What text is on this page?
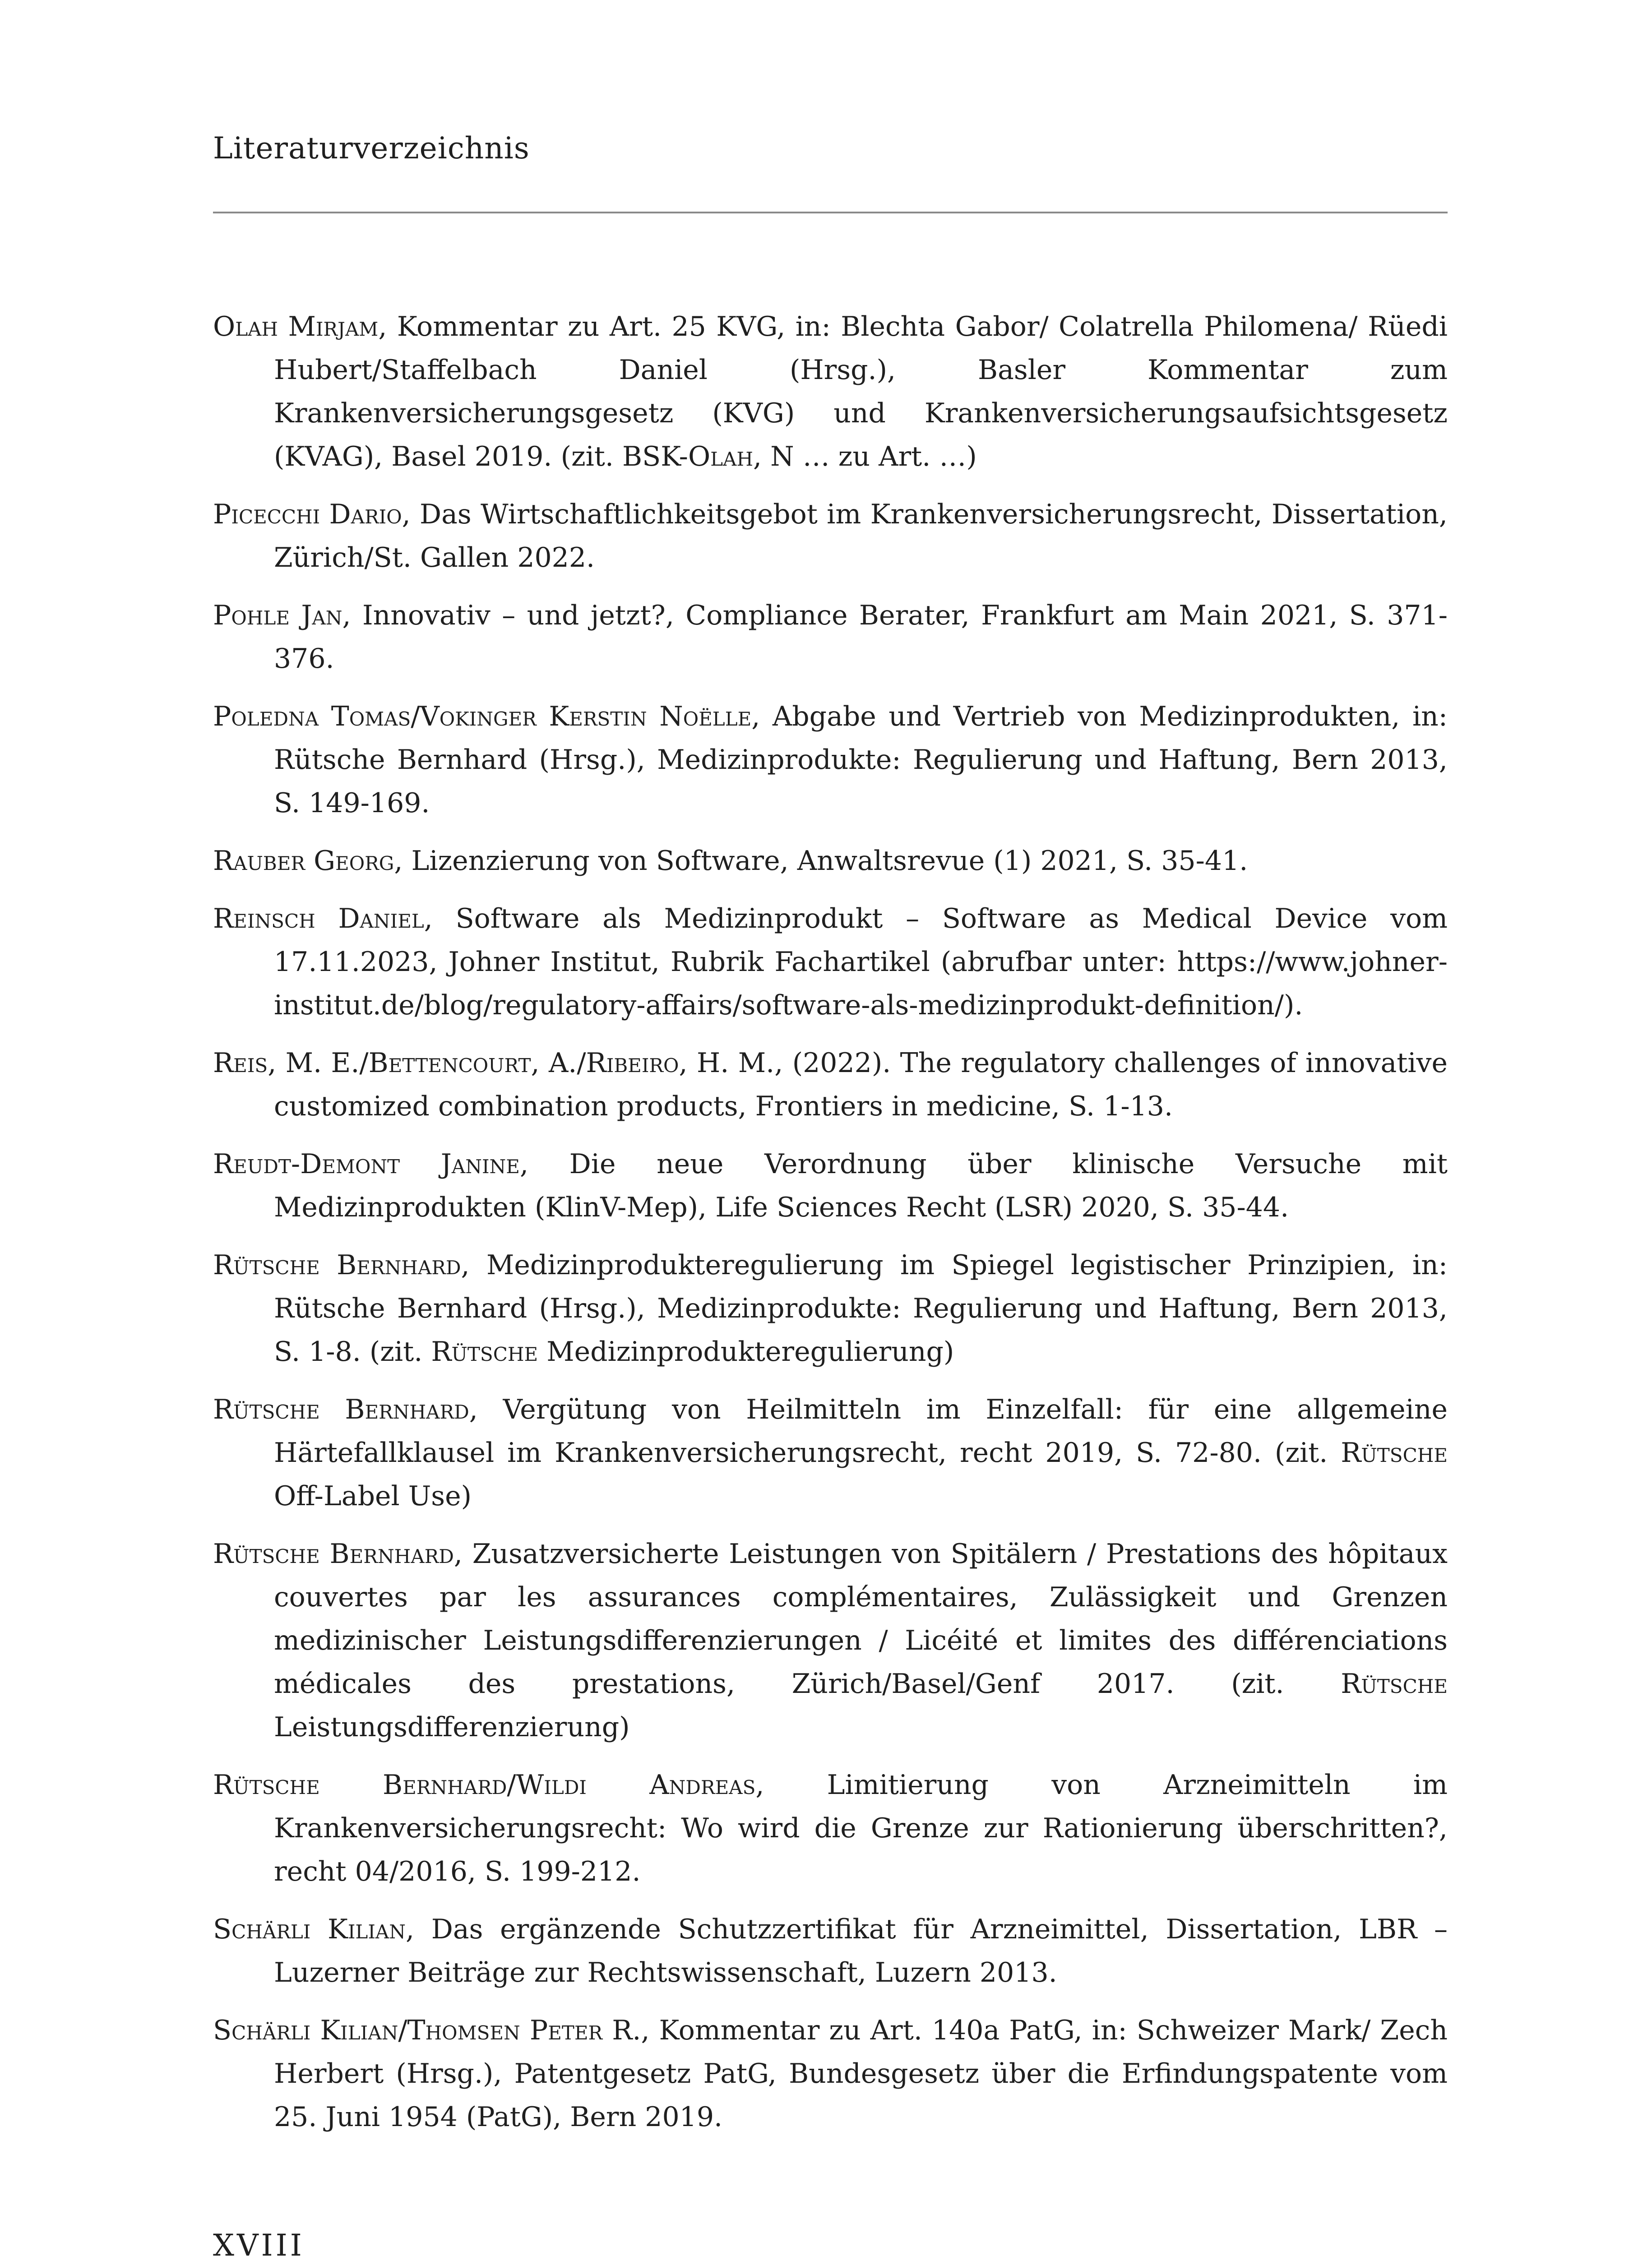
Literaturverzeichnis

Olah Mirjam, Kommentar zu Art. 25 KVG, in: Blechta Gabor/ Colatrella Philomena/ Rüedi Hubert/Staffelbach Daniel (Hrsg.), Basler Kommentar zum Krankenversicherungsgesetz (KVG) und Krankenversicherungsaufsichtsgesetz (KVAG), Basel 2019. (zit. BSK-Olah, N … zu Art. …)

Picecchi Dario, Das Wirtschaftlichkeitsgebot im Krankenversicherungsrecht, Dissertation, Zürich/St. Gallen 2022.

Pohle Jan, Innovativ – und jetzt?, Compliance Berater, Frankfurt am Main 2021, S. 371-376.

Poledna Tomas/Vokinger Kerstin Noëlle, Abgabe und Vertrieb von Medizinprodukten, in: Rütsche Bernhard (Hrsg.), Medizinprodukte: Regulierung und Haftung, Bern 2013, S. 149-169.

Rauber Georg, Lizenzierung von Software, Anwaltsrevue (1) 2021, S. 35-41.

Reinsch Daniel, Software als Medizinprodukt – Software as Medical Device vom 17.11.2023, Johner Institut, Rubrik Fachartikel (abrufbar unter: https://www.johner-institut.de/blog/regulatory-affairs/software-als-medizinprodukt-definition/).

Reis, M. E./Bettencourt, A./Ribeiro, H. M., (2022). The regulatory challenges of innovative customized combination products, Frontiers in medicine, S. 1-13.

Reudt-Demont Janine, Die neue Verordnung über klinische Versuche mit Medizinprodukten (KlinV-Mep), Life Sciences Recht (LSR) 2020, S. 35-44.

Rütsche Bernhard, Medizinprodukteregulierung im Spiegel legistischer Prinzipien, in: Rütsche Bernhard (Hrsg.), Medizinprodukte: Regulierung und Haftung, Bern 2013, S. 1-8. (zit. Rütsche Medizinprodukteregulierung)

Rütsche Bernhard, Vergütung von Heilmitteln im Einzelfall: für eine allgemeine Härtefallklausel im Krankenversicherungsrecht, recht 2019, S. 72-80. (zit. Rütsche Off-Label Use)

Rütsche Bernhard, Zusatzversicherte Leistungen von Spitälern / Prestations des hôpitaux couvertes par les assurances complémentaires, Zulässigkeit und Grenzen medizinischer Leistungsdifferenzierungen / Licéité et limites des différenciations médicales des prestations, Zürich/Basel/Genf 2017. (zit. Rütsche Leistungsdifferenzierung)

Rütsche Bernhard/Wildi Andreas, Limitierung von Arzneimitteln im Krankenversicherungsrecht: Wo wird die Grenze zur Rationierung überschritten?, recht 04/2016, S. 199-212.

Schärli Kilian, Das ergänzende Schutzzertifikat für Arzneimittel, Dissertation, LBR – Luzerner Beiträge zur Rechtswissenschaft, Luzern 2013.

Schärli Kilian/Thomsen Peter R., Kommentar zu Art. 140a PatG, in: Schweizer Mark/ Zech Herbert (Hrsg.), Patentgesetz PatG, Bundesgesetz über die Erfindungspatente vom 25. Juni 1954 (PatG), Bern 2019.

XVIII
